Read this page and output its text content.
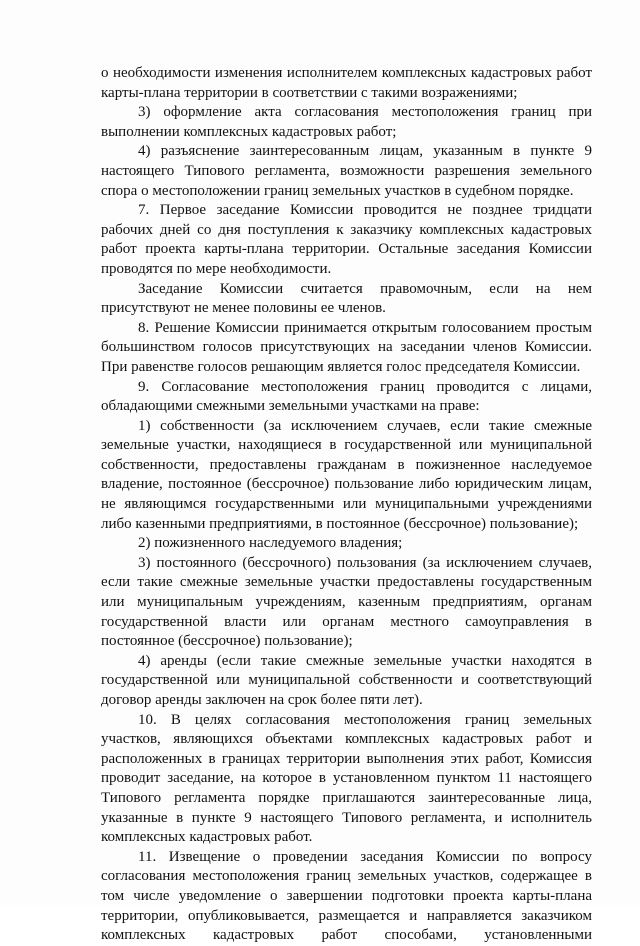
о необходимости изменения исполнителем комплексных кадастровых работ карты-плана территории в соответствии с такими возражениями;

3) оформление акта согласования местоположения границ при выполнении комплексных кадастровых работ;

4) разъяснение заинтересованным лицам, указанным в пункте 9 настоящего Типового регламента, возможности разрешения земельного спора о местоположении границ земельных участков в судебном порядке.

7. Первое заседание Комиссии проводится не позднее тридцати рабочих дней со дня поступления к заказчику комплексных кадастровых работ проекта карты-плана территории. Остальные заседания Комиссии проводятся по мере необходимости.

Заседание Комиссии считается правомочным, если на нем присутствуют не менее половины ее членов.

8. Решение Комиссии принимается открытым голосованием простым большинством голосов присутствующих на заседании членов Комиссии. При равенстве голосов решающим является голос председателя Комиссии.

9. Согласование местоположения границ проводится с лицами, обладающими смежными земельными участками на праве:

1) собственности (за исключением случаев, если такие смежные земельные участки, находящиеся в государственной или муниципальной собственности, предоставлены гражданам в пожизненное наследуемое владение, постоянное (бессрочное) пользование либо юридическим лицам, не являющимся государственными или муниципальными учреждениями либо казенными предприятиями, в постоянное (бессрочное) пользование);

2) пожизненного наследуемого владения;

3) постоянного (бессрочного) пользования (за исключением случаев, если такие смежные земельные участки предоставлены государственным или муниципальным учреждениям, казенным предприятиям, органам государственной власти или органам местного самоуправления в постоянное (бессрочное) пользование);

4) аренды (если такие смежные земельные участки находятся в государственной или муниципальной собственности и соответствующий договор аренды заключен на срок более пяти лет).

10. В целях согласования местоположения границ земельных участков, являющихся объектами комплексных кадастровых работ и расположенных в границах территории выполнения этих работ, Комиссия проводит заседание, на которое в установленном пунктом 11 настоящего Типового регламента порядке приглашаются заинтересованные лица, указанные в пункте 9 настоящего Типового регламента, и исполнитель комплексных кадастровых работ.

11. Извещение о проведении заседания Комиссии по вопросу согласования местоположения границ земельных участков, содержащее в том числе уведомление о завершении подготовки проекта карты-плана территории, опубликовывается, размещается и направляется заказчиком комплексных кадастровых работ способами, установленными
